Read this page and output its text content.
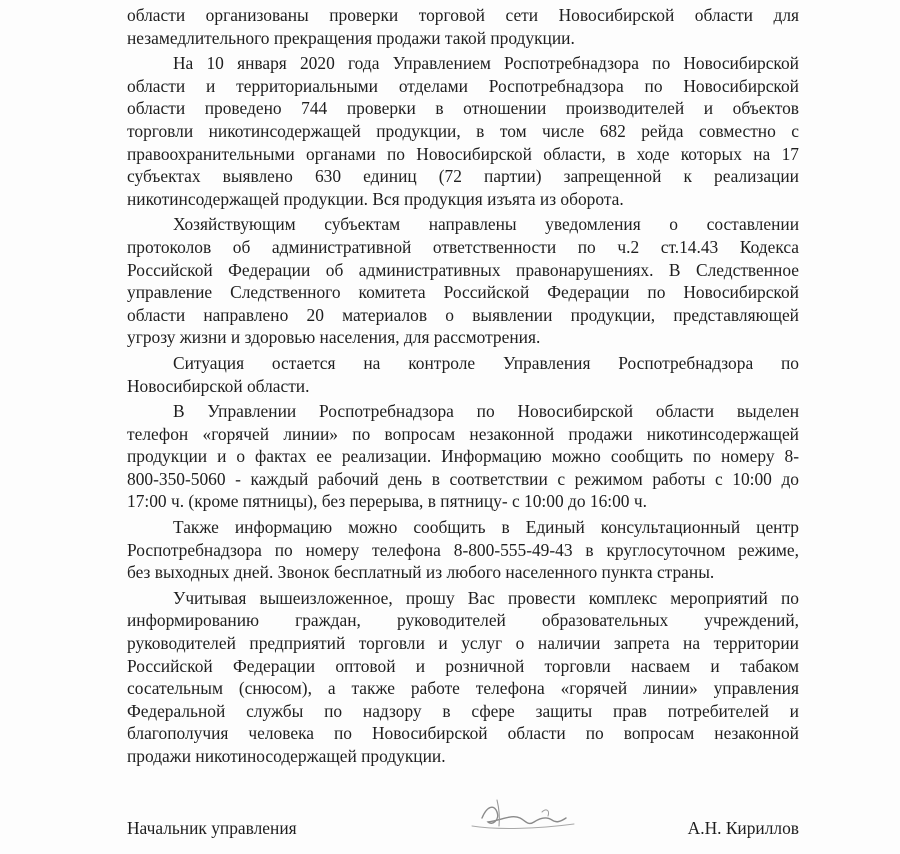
области организованы проверки торговой сети Новосибирской области для
незамедлительного прекращения продажи такой продукции.
На 10 января 2020 года Управлением Роспотребнадзора по Новосибирской
области и территориальными отделами Роспотребнадзора по Новосибирской
области проведено 744 проверки в отношении производителей и объектов
торговли никотинсодержащей продукции, в том числе 682 рейда совместно с
правоохранительными органами по Новосибирской области, в ходе которых на 17
субъектах выявлено 630 единиц (72 партии) запрещенной к реализации
никотинсодержащей продукции. Вся продукция изъята из оборота.
Хозяйствующим субъектам направлены уведомления о составлении
протоколов об административной ответственности по ч.2 ст.14.43 Кодекса
Российской Федерации об административных правонарушениях. В Следственное
управление Следственного комитета Российской Федерации по Новосибирской
области направлено 20 материалов о выявлении продукции, представляющей
угрозу жизни и здоровью населения, для рассмотрения.
Ситуация остается на контроле Управления Роспотребнадзора по
Новосибирской области.
В Управлении Роспотребнадзора по Новосибирской области выделен
телефон «горячей линии» по вопросам незаконной продажи никотинсодержащей
продукции и о фактах ее реализации. Информацию можно сообщить по номеру 8-
800-350-5060 - каждый рабочий день в соответствии с режимом работы с 10:00 до
17:00 ч. (кроме пятницы), без перерыва, в пятницу- с 10:00 до 16:00 ч.
Также информацию можно сообщить в Единый консультационный центр
Роспотребнадзора по номеру телефона 8-800-555-49-43 в круглосуточном режиме,
без выходных дней. Звонок бесплатный из любого населенного пункта страны.
Учитывая вышеизложенное, прошу Вас провести комплекс мероприятий по
информированию граждан, руководителей образовательных учреждений,
руководителей предприятий торговли и услуг о наличии запрета на территории
Российской Федерации оптовой и розничной торговли насваем и табаком
сосательным (снюсом), а также работе телефона «горячей линии» управления
Федеральной службы по надзору в сфере защиты прав потребителей и
благополучия человека по Новосибирской области по вопросам незаконной
продажи никотиносодержащей продукции.
Начальник управления	А.Н. Кириллов
